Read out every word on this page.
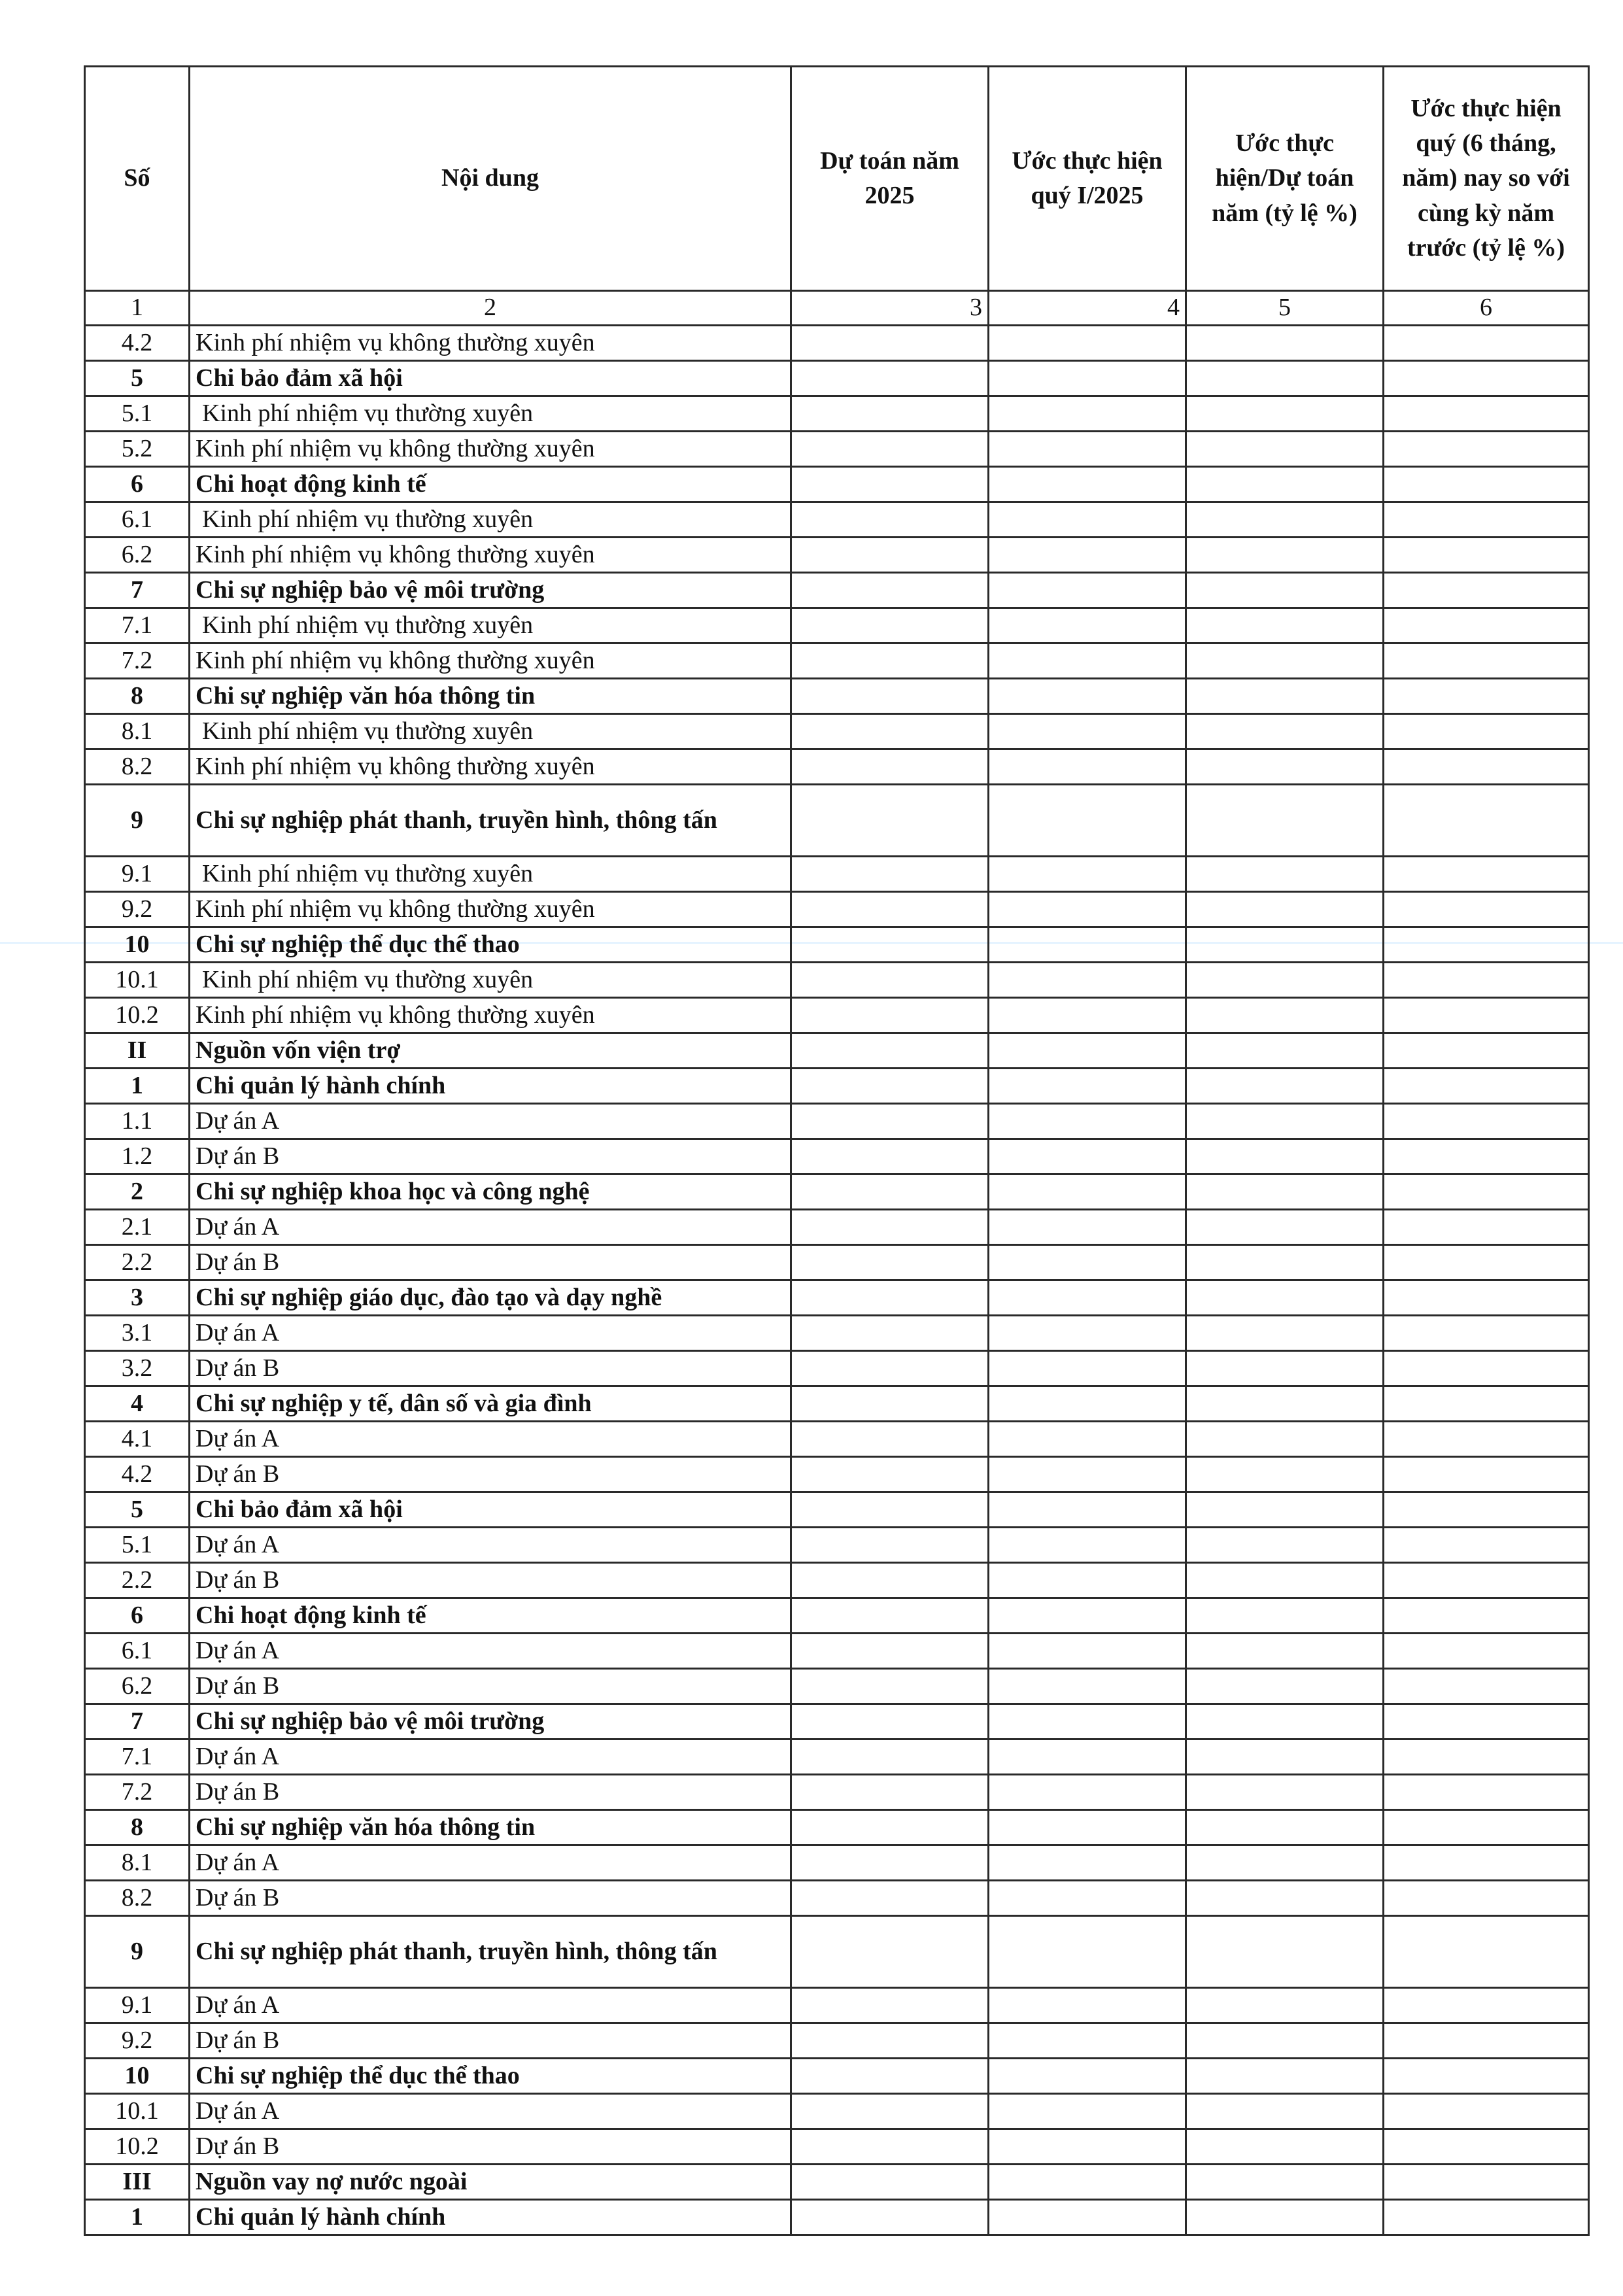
Số	Nội dung	Dự toán năm 2025	Ước thực hiện quý I/2025	Ước thực hiện/Dự toán năm (tỷ lệ %)	Ước thực hiện quý (6 tháng, năm) nay so với cùng kỳ năm trước (tỷ lệ %)
1	2	3	4	5	6
4.2	Kinh phí nhiệm vụ không thường xuyên				
5	Chi bảo đảm xã hội				
5.1	Kinh phí nhiệm vụ thường xuyên				
5.2	Kinh phí nhiệm vụ không thường xuyên				
6	Chi hoạt động kinh tế				
6.1	Kinh phí nhiệm vụ thường xuyên				
6.2	Kinh phí nhiệm vụ không thường xuyên				
7	Chi sự nghiệp bảo vệ môi trường				
7.1	Kinh phí nhiệm vụ thường xuyên				
7.2	Kinh phí nhiệm vụ không thường xuyên				
8	Chi sự nghiệp văn hóa thông tin				
8.1	Kinh phí nhiệm vụ thường xuyên				
8.2	Kinh phí nhiệm vụ không thường xuyên				
9	Chi sự nghiệp phát thanh, truyền hình, thông tấn				
9.1	Kinh phí nhiệm vụ thường xuyên				
9.2	Kinh phí nhiệm vụ không thường xuyên				
10	Chi sự nghiệp thể dục thể thao				
10.1	Kinh phí nhiệm vụ thường xuyên				
10.2	Kinh phí nhiệm vụ không thường xuyên				
II	Nguồn vốn viện trợ				
1	Chi quản lý hành chính				
1.1	Dự án A				
1.2	Dự án B				
2	Chi sự nghiệp khoa học và công nghệ				
2.1	Dự án A				
2.2	Dự án B				
3	Chi sự nghiệp giáo dục, đào tạo và dạy nghề				
3.1	Dự án A				
3.2	Dự án B				
4	Chi sự nghiệp y tế, dân số và gia đình				
4.1	Dự án A				
4.2	Dự án B				
5	Chi bảo đảm xã hội				
5.1	Dự án A				
2.2	Dự án B				
6	Chi hoạt động kinh tế				
6.1	Dự án A				
6.2	Dự án B				
7	Chi sự nghiệp bảo vệ môi trường				
7.1	Dự án A				
7.2	Dự án B				
8	Chi sự nghiệp văn hóa thông tin				
8.1	Dự án A				
8.2	Dự án B				
9	Chi sự nghiệp phát thanh, truyền hình, thông tấn				
9.1	Dự án A				
9.2	Dự án B				
10	Chi sự nghiệp thể dục thể thao				
10.1	Dự án A				
10.2	Dự án B				
III	Nguồn vay nợ nước ngoài				
1	Chi quản lý hành chính				
